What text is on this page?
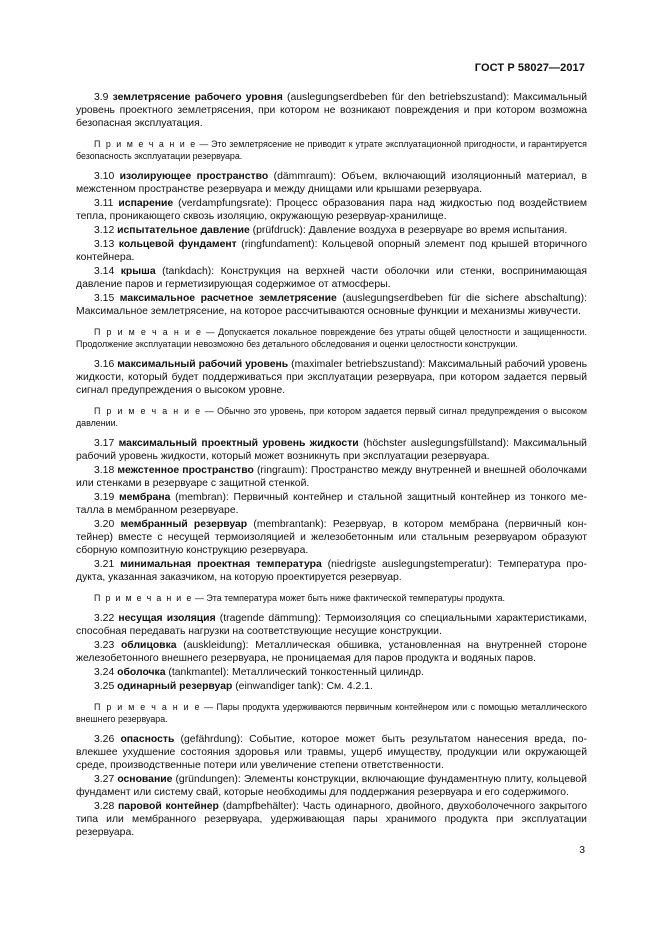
ГОСТ Р 58027—2017

3.9 землетрясение рабочего уровня (auslegungserdbeben für den betriebszustand): Максимальный уровень проектного землетрясения, при котором не возникают повреждения и при котором возможна безопасная эксплуатация.

П р и м е ч а н и е — Это землетрясение не приводит к утрате эксплуатационной пригодности, и гарантируется безопасность эксплуатации резервуара.

3.10 изолирующее пространство (dämmraum): Объем, включающий изоляционный материал, в межстенном пространстве резервуара и между днищами или крышами резервуара.

3.11 испарение (verdampfungsrate): Процесс образования пара над жидкостью под воздействием тепла, проникающего сквозь изоляцию, окружающую резервуар-хранилище.

3.12 испытательное давление (prüfdruck): Давление воздуха в резервуаре во время испытания.

3.13 кольцевой фундамент (ringfundament): Кольцевой опорный элемент под крышей вторичного контейнера.

3.14 крыша (tankdach): Конструкция на верхней части оболочки или стенки, воспринимающая давление паров и герметизирующая содержимое от атмосферы.

3.15 максимальное расчетное землетрясение (auslegungserdbeben für die sichere abschaltung): Максимальное землетрясение, на которое рассчитываются основные функции и механизмы живучести.

П р и м е ч а н и е — Допускается локальное повреждение без утраты общей целостности и защищенности. Продолжение эксплуатации невозможно без детального обследования и оценки целостности конструкции.

3.16 максимальный рабочий уровень (maximaler betriebszustand): Максимальный рабочий уровень жидкости, который будет поддерживаться при эксплуатации резервуара, при котором задается первый сигнал предупреждения о высоком уровне.

П р и м е ч а н и е — Обычно это уровень, при котором задается первый сигнал предупреждения о высоком давлении.

3.17 максимальный проектный уровень жидкости (höchster auslegungsfüllstand): Максимальный рабочий уровень жидкости, который может возникнуть при эксплуатации резервуара.

3.18 межстенное пространство (ringraum): Пространство между внутренней и внешней оболочками или стенками в резервуаре с защитной стенкой.

3.19 мембрана (membran): Первичный контейнер и стальной защитный контейнер из тонкого металла в мембранном резервуаре.

3.20 мембранный резервуар (membrantank): Резервуар, в котором мембрана (первичный контейнер) вместе с несущей термоизоляцией и железобетонным или стальным резервуаром образуют сборную композитную конструкцию резервуара.

3.21 минимальная проектная температура (niedrigste auslegungstemperatur): Температура продукта, указанная заказчиком, на которую проектируется резервуар.

П р и м е ч а н и е — Эта температура может быть ниже фактической температуры продукта.

3.22 несущая изоляция (tragende dämmung): Термоизоляция со специальными характеристиками, способная передавать нагрузки на соответствующие несущие конструкции.

3.23 облицовка (auskleidung): Металлическая обшивка, установленная на внутренней стороне железобетонного внешнего резервуара, не проницаемая для паров продукта и водяных паров.

3.24 оболочка (tankmantel): Металлический тонкостенный цилиндр.

3.25 одинарный резервуар (einwandiger tank): См. 4.2.1.

П р и м е ч а н и е — Пары продукта удерживаются первичным контейнером или с помощью металлического внешнего резервуара.

3.26 опасность (gefährdung): Событие, которое может быть результатом нанесения вреда, повлекшее ухудшение состояния здоровья или травмы, ущерб имуществу, продукции или окружающей среде, производственные потери или увеличение степени ответственности.

3.27 основание (gründungen): Элементы конструкции, включающие фундаментную плиту, кольцевой фундамент или систему свай, которые необходимы для поддержания резервуара и его содержимого.

3.28 паровой контейнер (dampfbehälter): Часть одинарного, двойного, двухоболочечного закрытого типа или мембранного резервуара, удерживающая пары хранимого продукта при эксплуатации резервуара.

3
